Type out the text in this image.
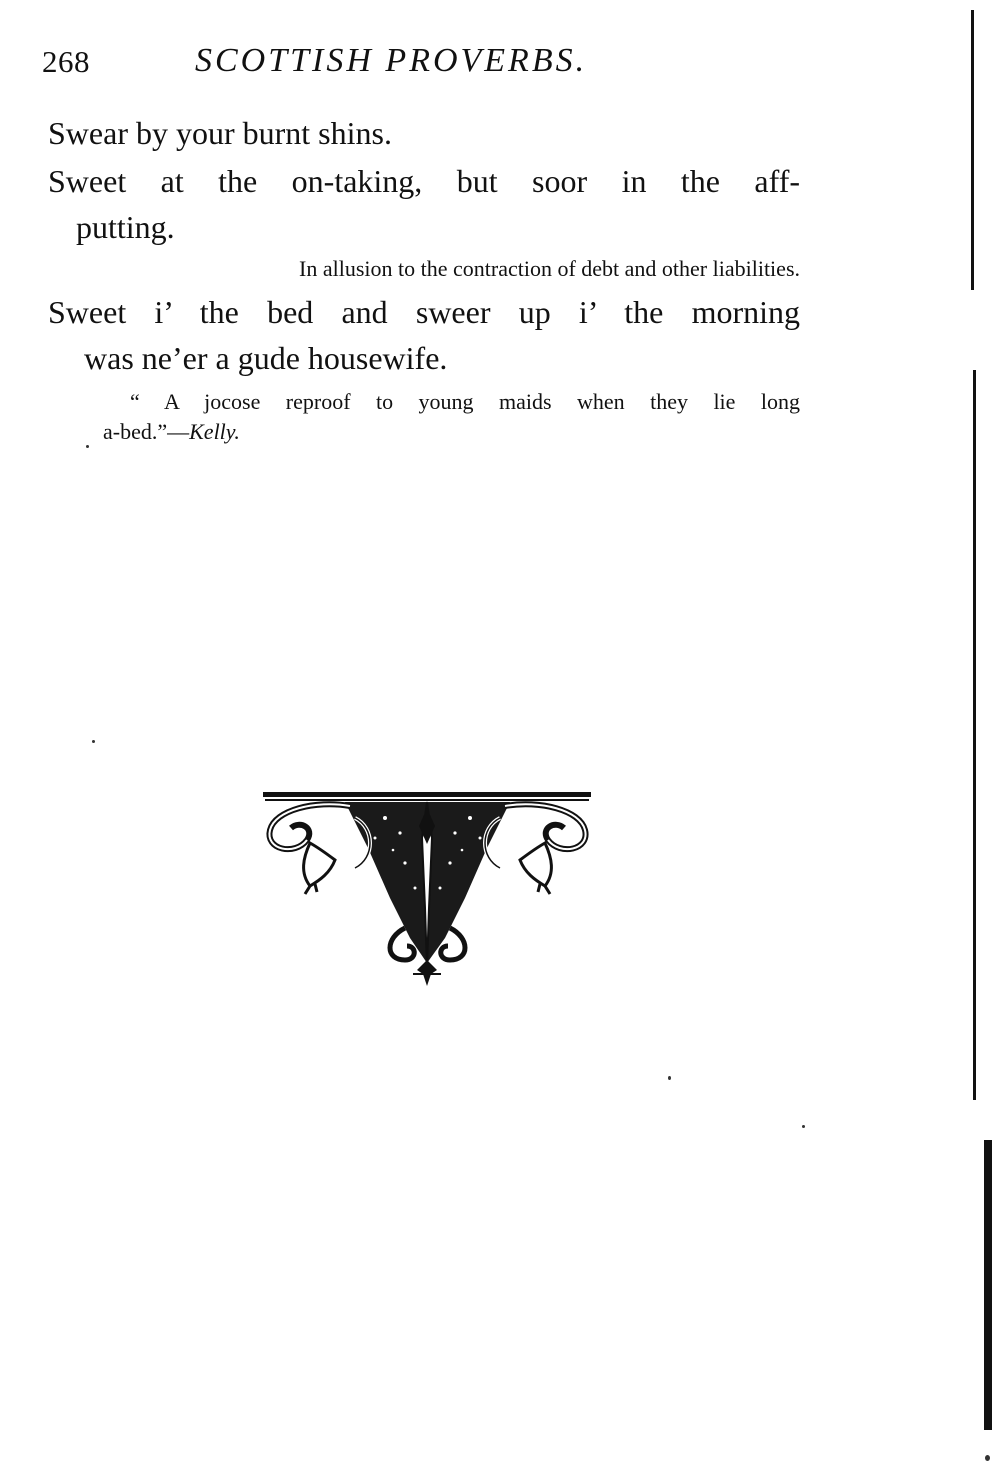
268	SCOTTISH PROVERBS.
Swear by your burnt shins.
Sweet at the on-taking, but soor in the aff-
putting.
In allusion to the contraction of debt and other liabilities.
Sweet i’ the bed and sweer up i’ the morning
was ne’er a gude housewife.
“ A jocose reproof to young maids when they lie long
a-bed.”—Kelly.
